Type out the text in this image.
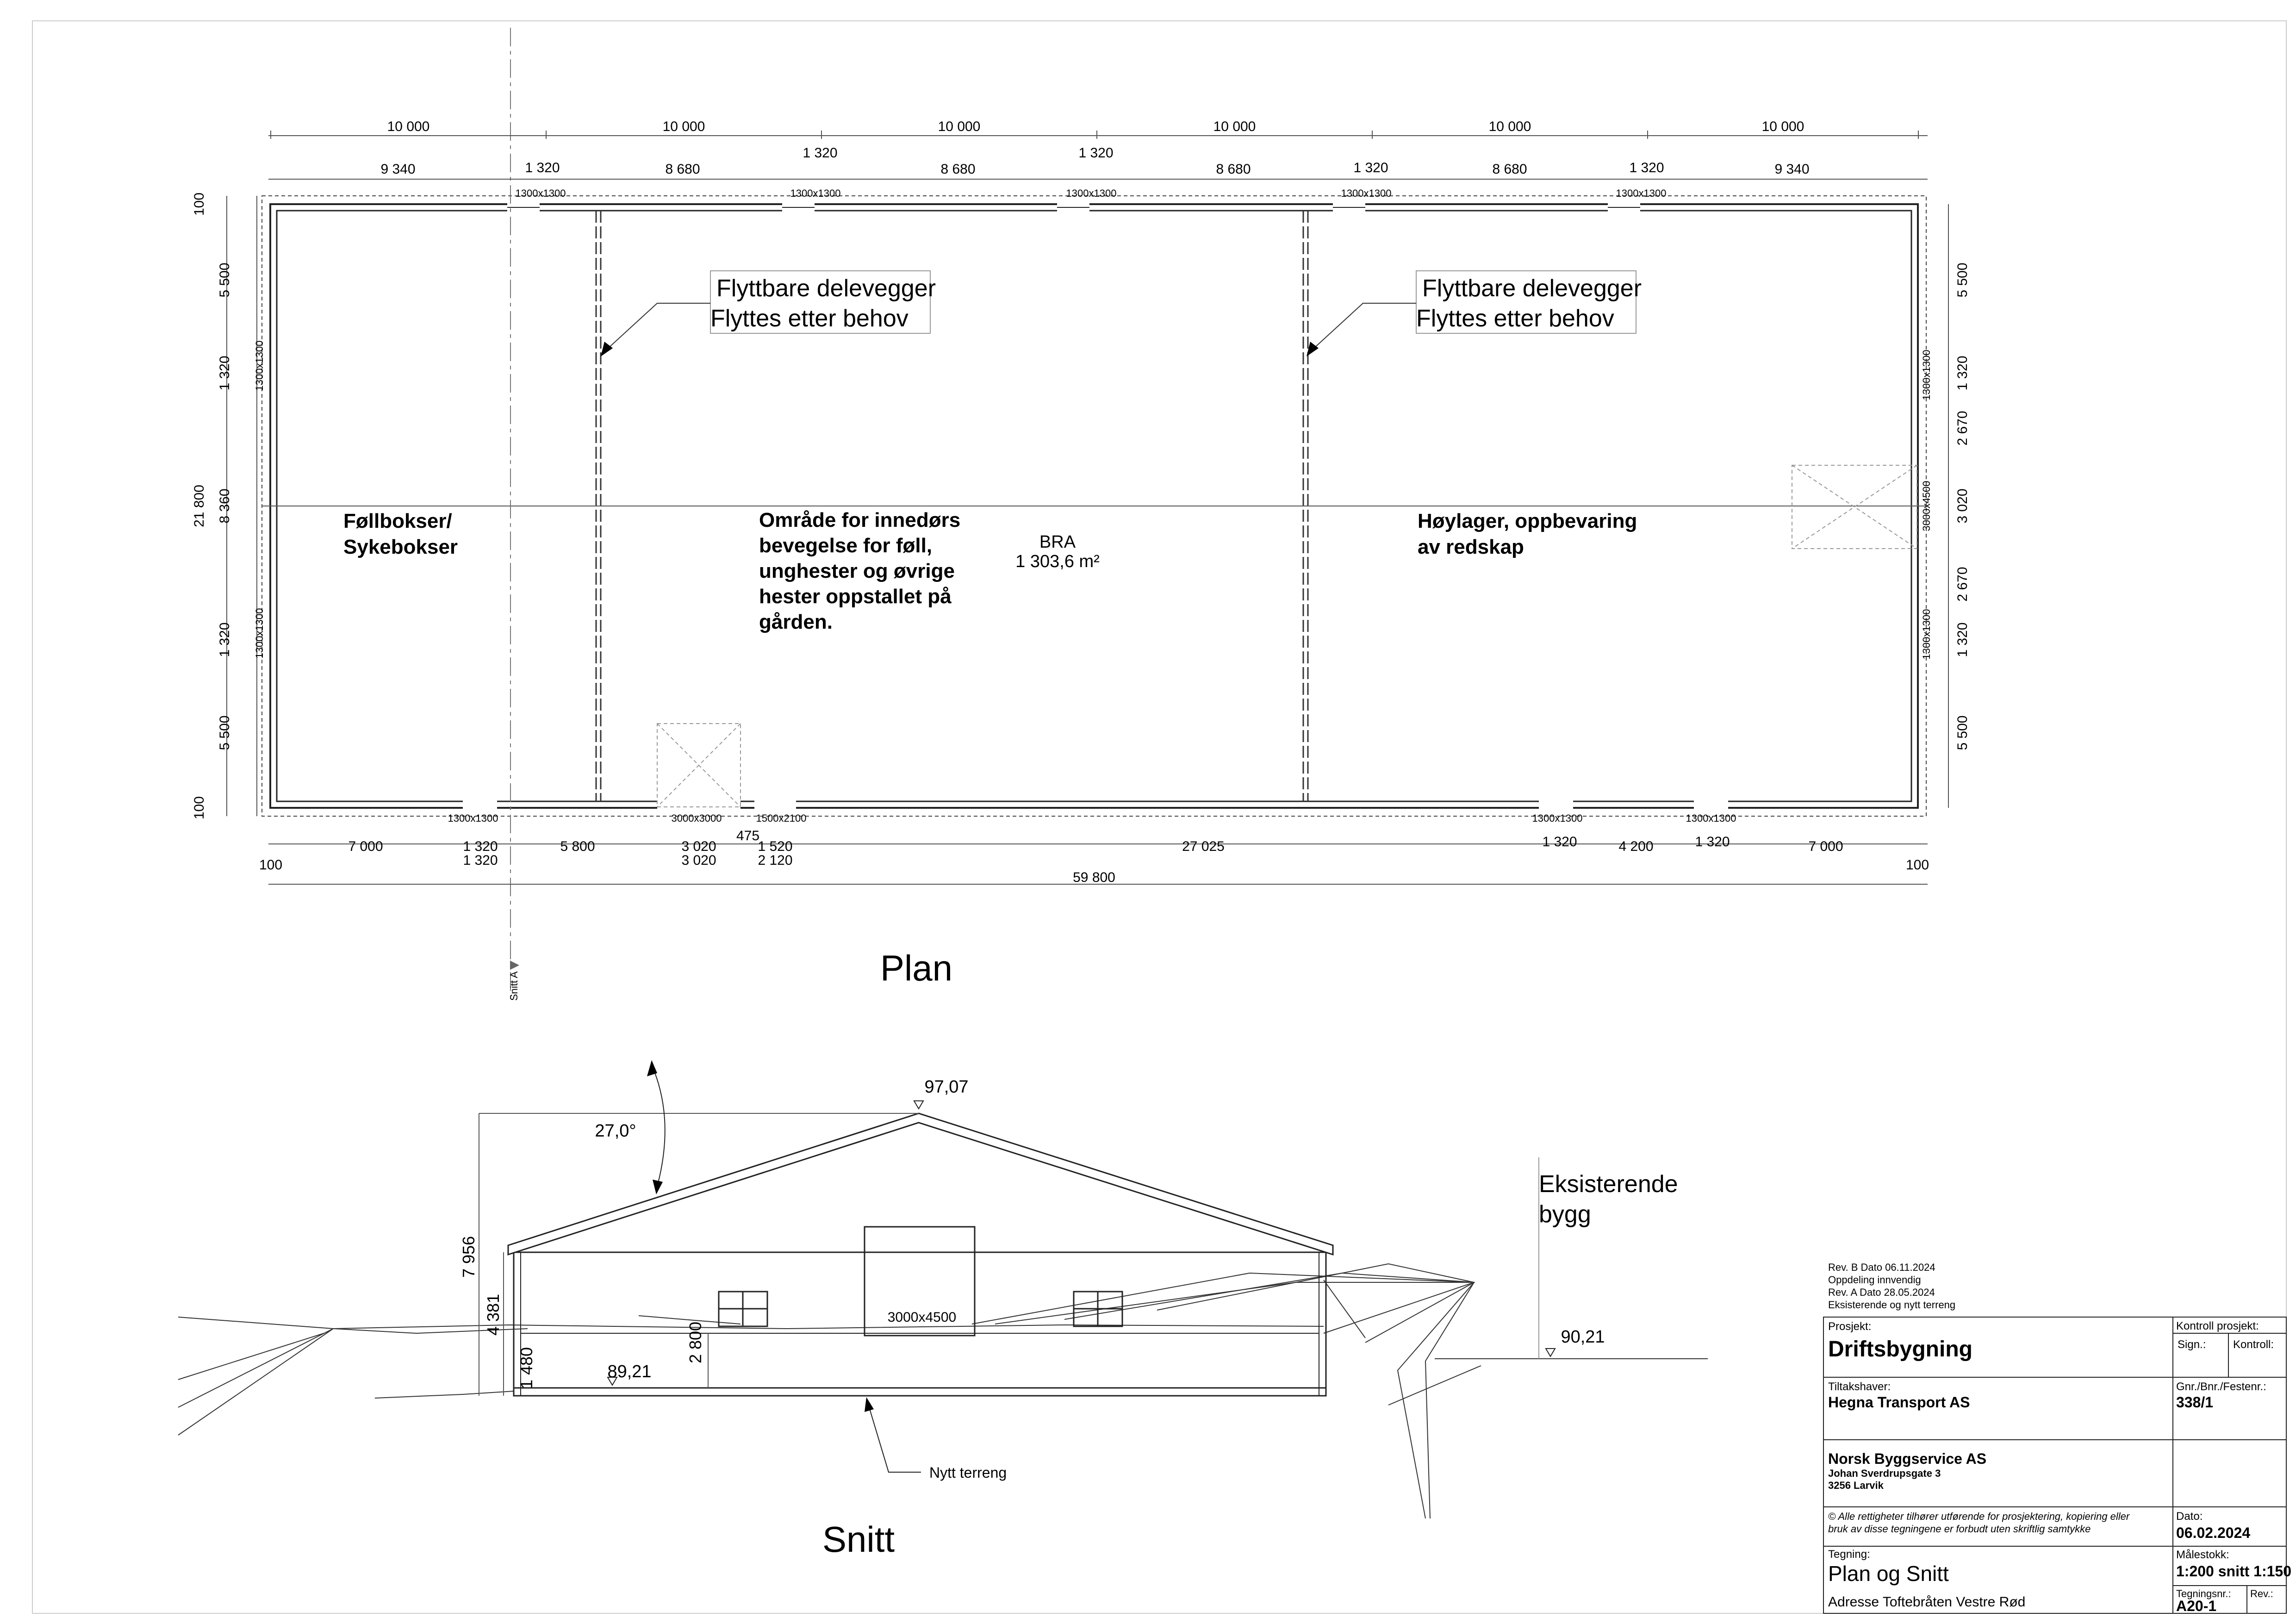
10 000	10 000	10 000	10 000	10 000	10 000
9 340	1 320	8 680
1 320
8 680
1 320
8 680	1 320	8 680	1 320	9 340
1300x1300	1300x1300	1300x1300	1300x1300	1300x1300
100
5 500
1 320
8 360
1 320
5 500
100
21 800
1300x1300
1300x1300
5 500
1 320
2 670
3 020
2 670
1 320
5 500
1300x1300
3000x4500
1300x1300
1300x1300	3000x3000	1500x2100	1300x1300	1300x1300
7 000	1 320	5 800	3 020	1 520	27 025	1 320	4 200	1 320	7 000
1 320	3 020	2 120
475
100	100
59 800
Snitt A
Flyttbare delevegger
Flyttes etter behov
Flyttbare delevegger
Flyttes etter behov
Føllbokser/
Sykebokser
Område for innedørs
bevegelse for føll,
unghester og øvrige
hester oppstallet på
gården.
Høylager, oppbevaring
av redskap
BRA
1 303,6 m²
Plan
3000x4500
7 956
4 381
1 480
2 800
27,0°
97,07
89,21
90,21
Eksisterende
bygg
Nytt terreng
Snitt
Rev. B Dato 06.11.2024
Oppdeling innvendig
Rev. A Dato 28.05.2024
Eksisterende og nytt terreng
Prosjekt:
Driftsbygning
Kontroll prosjekt:
Sign.: Kontroll:
Tiltakshaver:
Hegna Transport AS
Gnr./Bnr./Festenr.:
338/1
Norsk Byggservice AS
Johan Sverdrupsgate 3
3256 Larvik
© Alle rettigheter tilhører utførende for prosjektering, kopiering eller
bruk av disse tegningene er forbudt uten skriftlig samtykke
Dato:
06.02.2024
Tegning:
Plan og Snitt
Adresse Toftebråten Vestre Rød
Målestokk:
1:200 snitt 1:150
Tegningsnr.:
A20-1
Rev.:
